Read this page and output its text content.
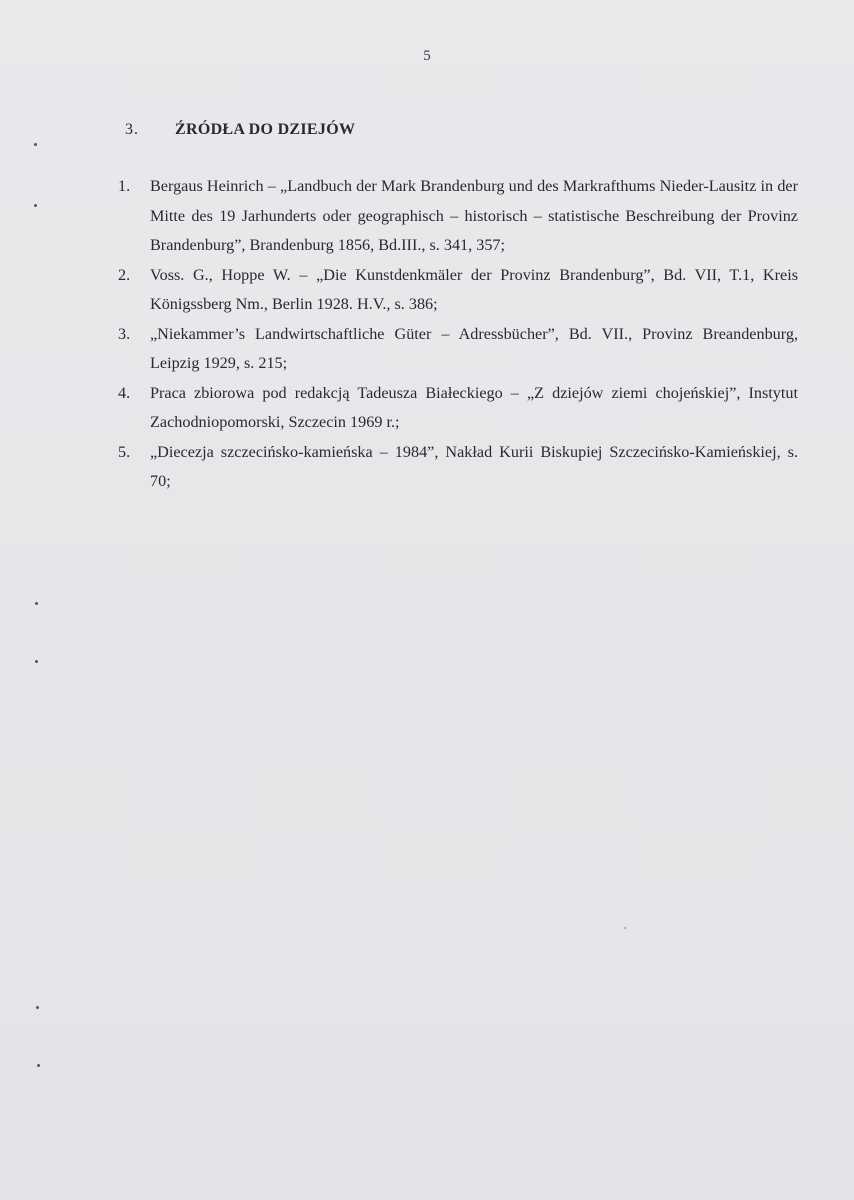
5
3.	ŹRÓDŁA DO DZIEJÓW
1.	Bergaus Heinrich – „Landbuch der Mark Brandenburg und des Markrafthums Nieder-Lausitz in der Mitte des 19 Jarhunderts oder geographisch – historisch – statistische Beschreibung der Provinz Brandenburg”, Brandenburg 1856, Bd.III., s. 341, 357;
2.	Voss. G., Hoppe W. – „Die Kunstdenkmäler der Provinz Brandenburg”, Bd. VII, T.1, Kreis Königssberg Nm., Berlin 1928. H.V., s. 386;
3.	„Niekammer’s Landwirtschaftliche Güter – Adressbücher”, Bd. VII., Provinz Breandenburg, Leipzig 1929, s. 215;
4.	Praca zbiorowa pod redakcją Tadeusza Białeckiego – „Z dziejów ziemi chojeńskiej”, Instytut Zachodniopomorski, Szczecin 1969 r.;
5.	„Diecezja szczecińsko-kamieńska – 1984”, Nakład Kurii Biskupiej Szczecińsko-Kamieńskiej, s. 70;
